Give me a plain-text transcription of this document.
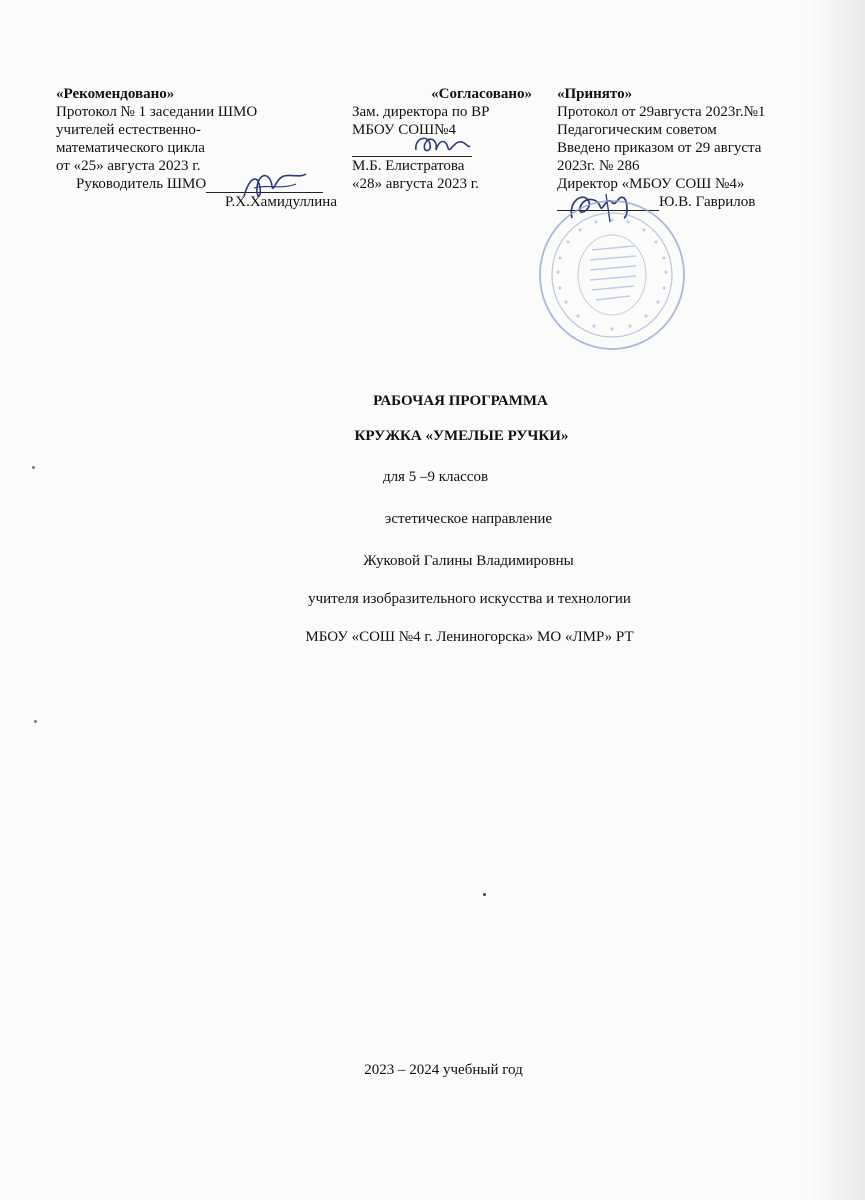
«Рекомендовано»
Протокол № 1 заседании ШМО
учителей естественно-
математического цикла
от «25» августа 2023 г.
Руководитель ШМО
Р.Х.Хамидуллина
«Согласовано»
Зам. директора по ВР
МБОУ СОШ№4
М.Б. Елистратова
«28» августа 2023 г.
«Принято»
Протокол от 29августа 2023г.№1
Педагогическим советом
Введено приказом от 29 августа
2023г. № 286
Директор «МБОУ СОШ №4»
Ю.В. Гаврилов
РАБОЧАЯ ПРОГРАММА
КРУЖКА «УМЕЛЫЕ РУЧКИ»
для 5 –9 классов
эстетическое направление
Жуковой Галины Владимировны
учителя изобразительного искусства и технологии
МБОУ «СОШ №4 г. Лениногорска» МО «ЛМР» РТ
2023 – 2024 учебный год
